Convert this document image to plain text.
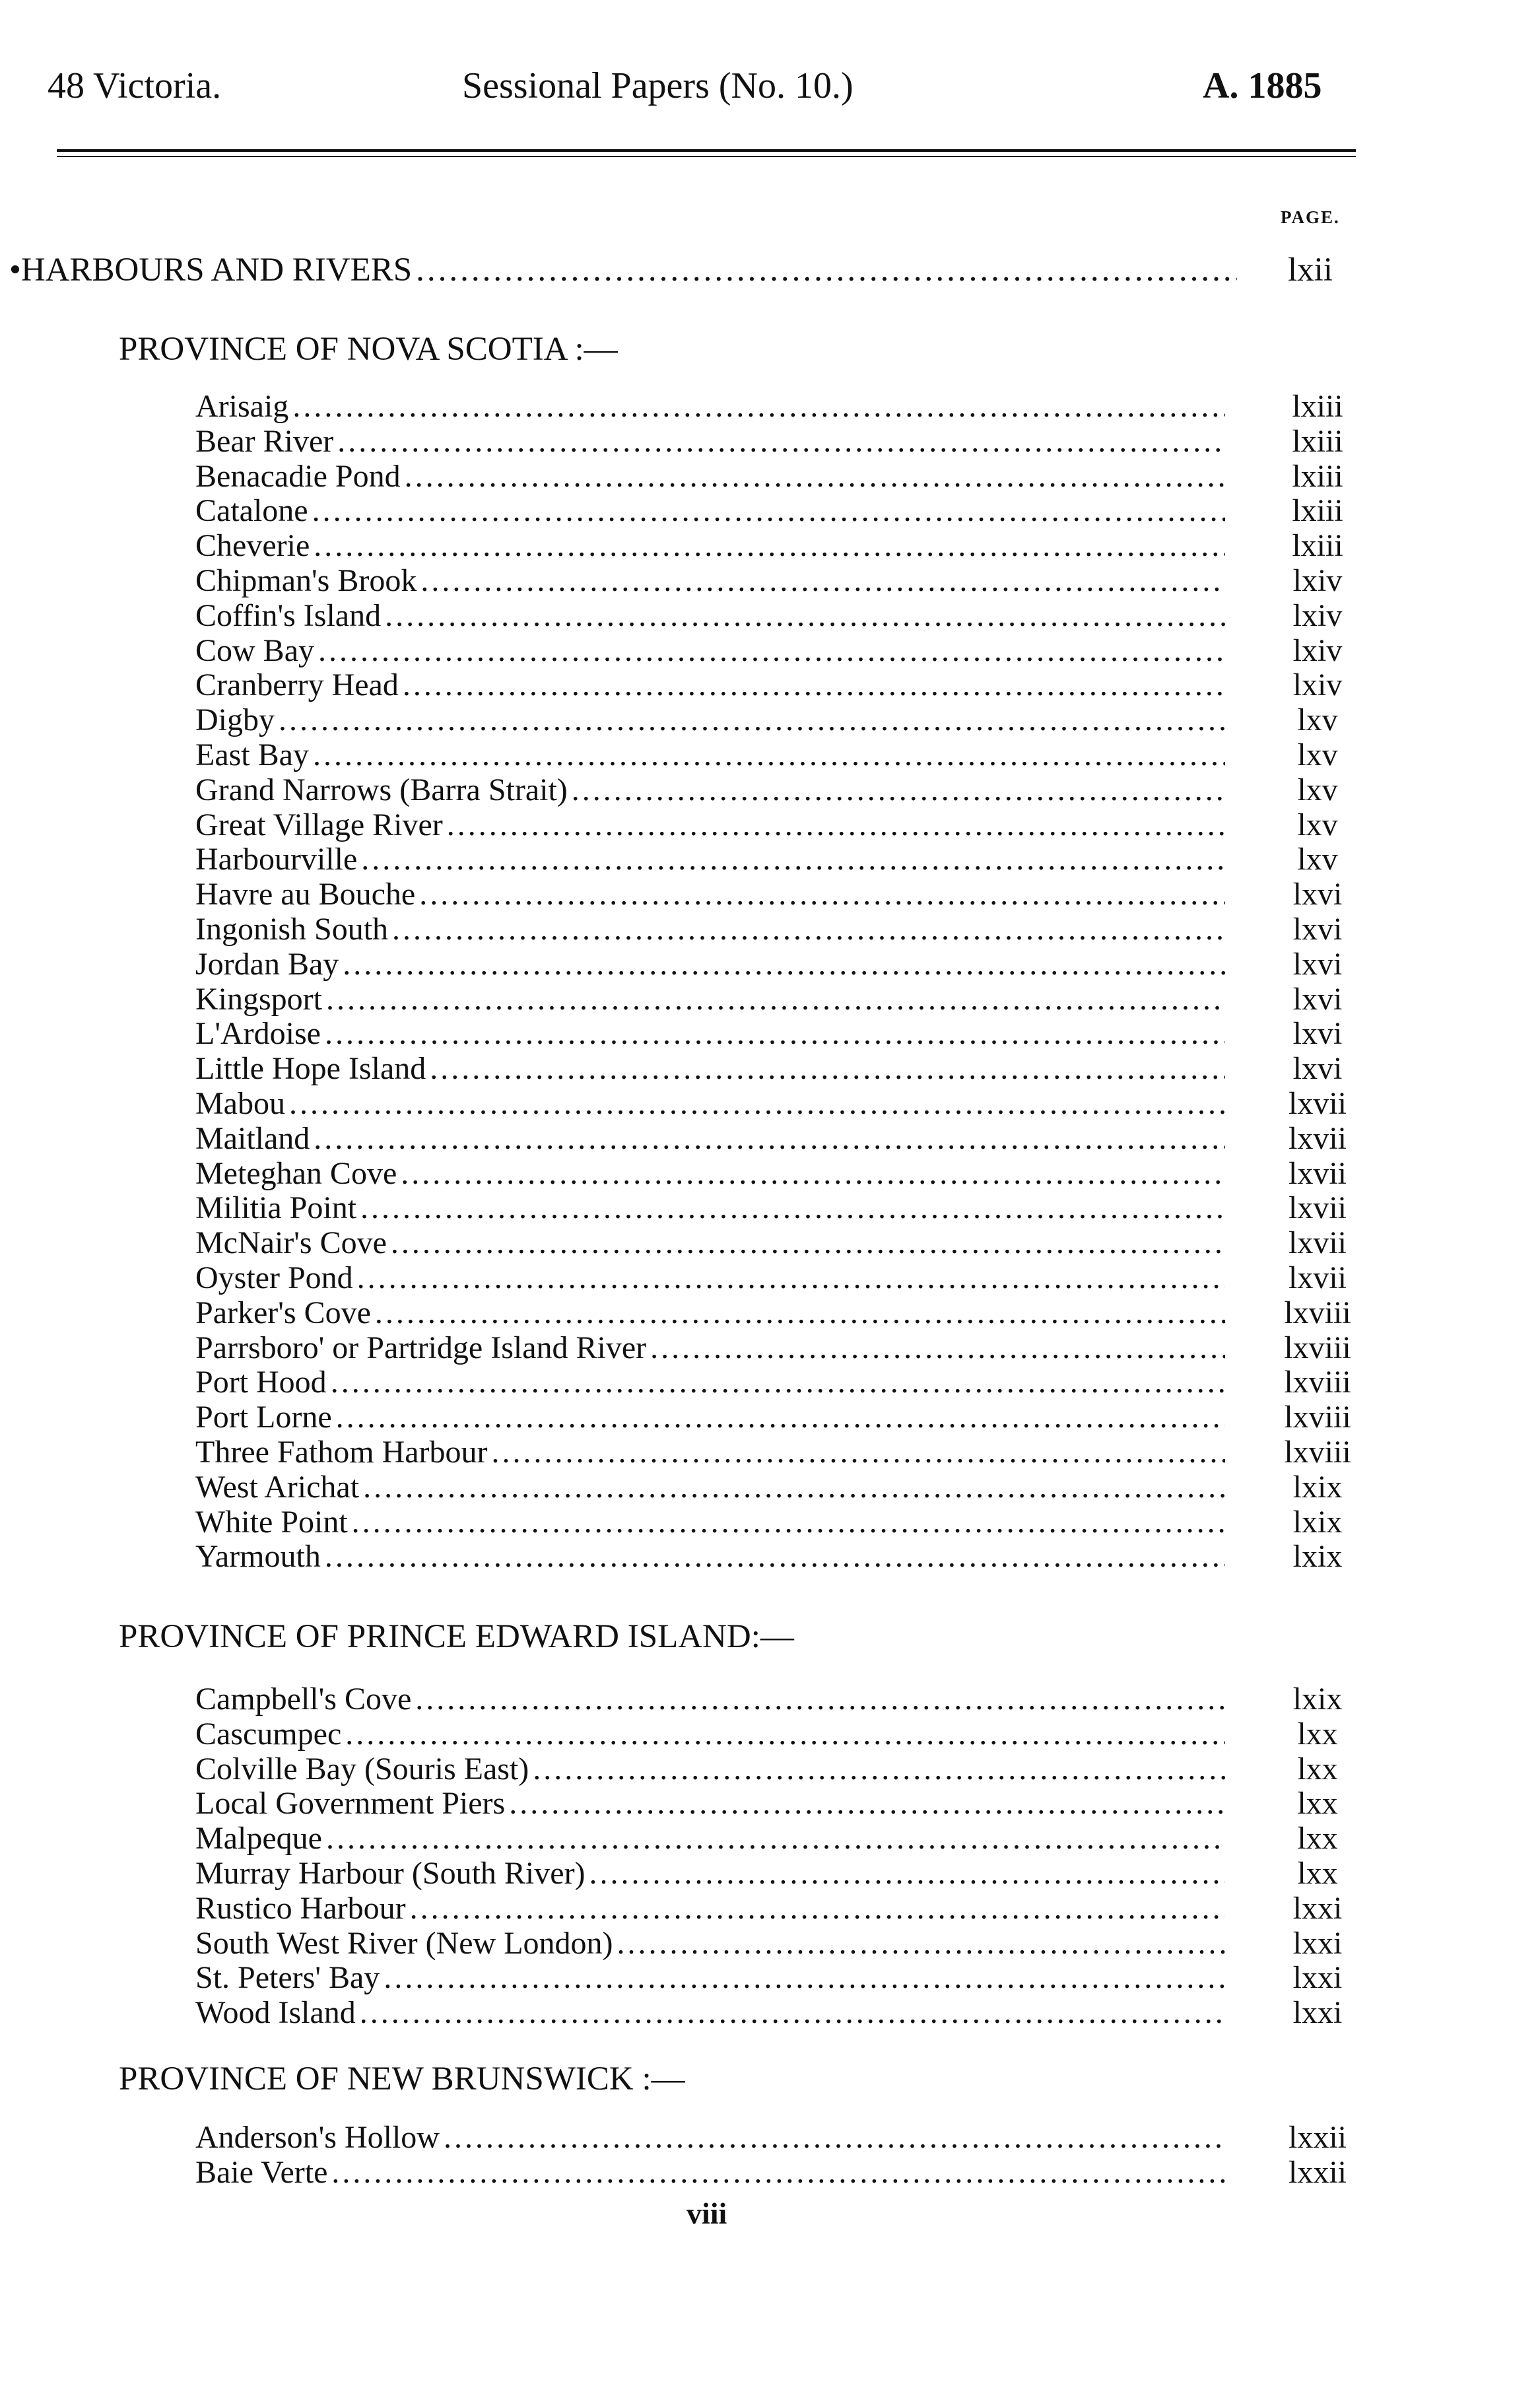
48 Victoria.	Sessional Papers (No. 10.)	A. 1885
PAGE.
•HARBOURS AND RIVERS .....	lxii
PROVINCE OF NOVA SCOTIA :—
Arisaig .....	lxiii
Bear River .....	lxiii
Benacadie Pond .....	lxiii
Catalone .....	lxiii
Cheverie .....	lxiii
Chipman's Brook .....	lxiv
Coffin's Island .....	lxiv
Cow Bay .....	lxiv
Cranberry Head .....	lxiv
Digby .....	lxv
East Bay .....	lxv
Grand Narrows (Barra Strait) .....	lxv
Great Village River .....	lxv
Harbourville .....	lxv
Havre au Bouche .....	lxvi
Ingonish South .....	lxvi
Jordan Bay .....	lxvi
Kingsport .....	lxvi
L'Ardoise .....	lxvi
Little Hope Island .....	lxvi
Mabou .....	lxvii
Maitland .....	lxvii
Meteghan Cove .....	lxvii
Militia Point .....	lxvii
McNair's Cove .....	lxvii
Oyster Pond .....	lxvii
Parker's Cove .....	lxviii
Parrsboro' or Partridge Island River .....	lxviii
Port Hood .....	lxviii
Port Lorne .....	lxviii
Three Fathom Harbour .....	lxviii
West Arichat .....	lxix
White Point .....	lxix
Yarmouth .....	lxix
PROVINCE OF PRINCE EDWARD ISLAND:—
Campbell's Cove .....	lxix
Cascumpec .....	lxx
Colville Bay (Souris East) .....	lxx
Local Government Piers .....	lxx
Malpeque .....	lxx
Murray Harbour (South River) .....	lxx
Rustico Harbour .....	lxxi
South West River (New London) .....	lxxi
St. Peters' Bay .....	lxxi
Wood Island .....	lxxi
PROVINCE OF NEW BRUNSWICK :—
Anderson's Hollow .....	lxxii
Baie Verte .....	lxxii
viii
